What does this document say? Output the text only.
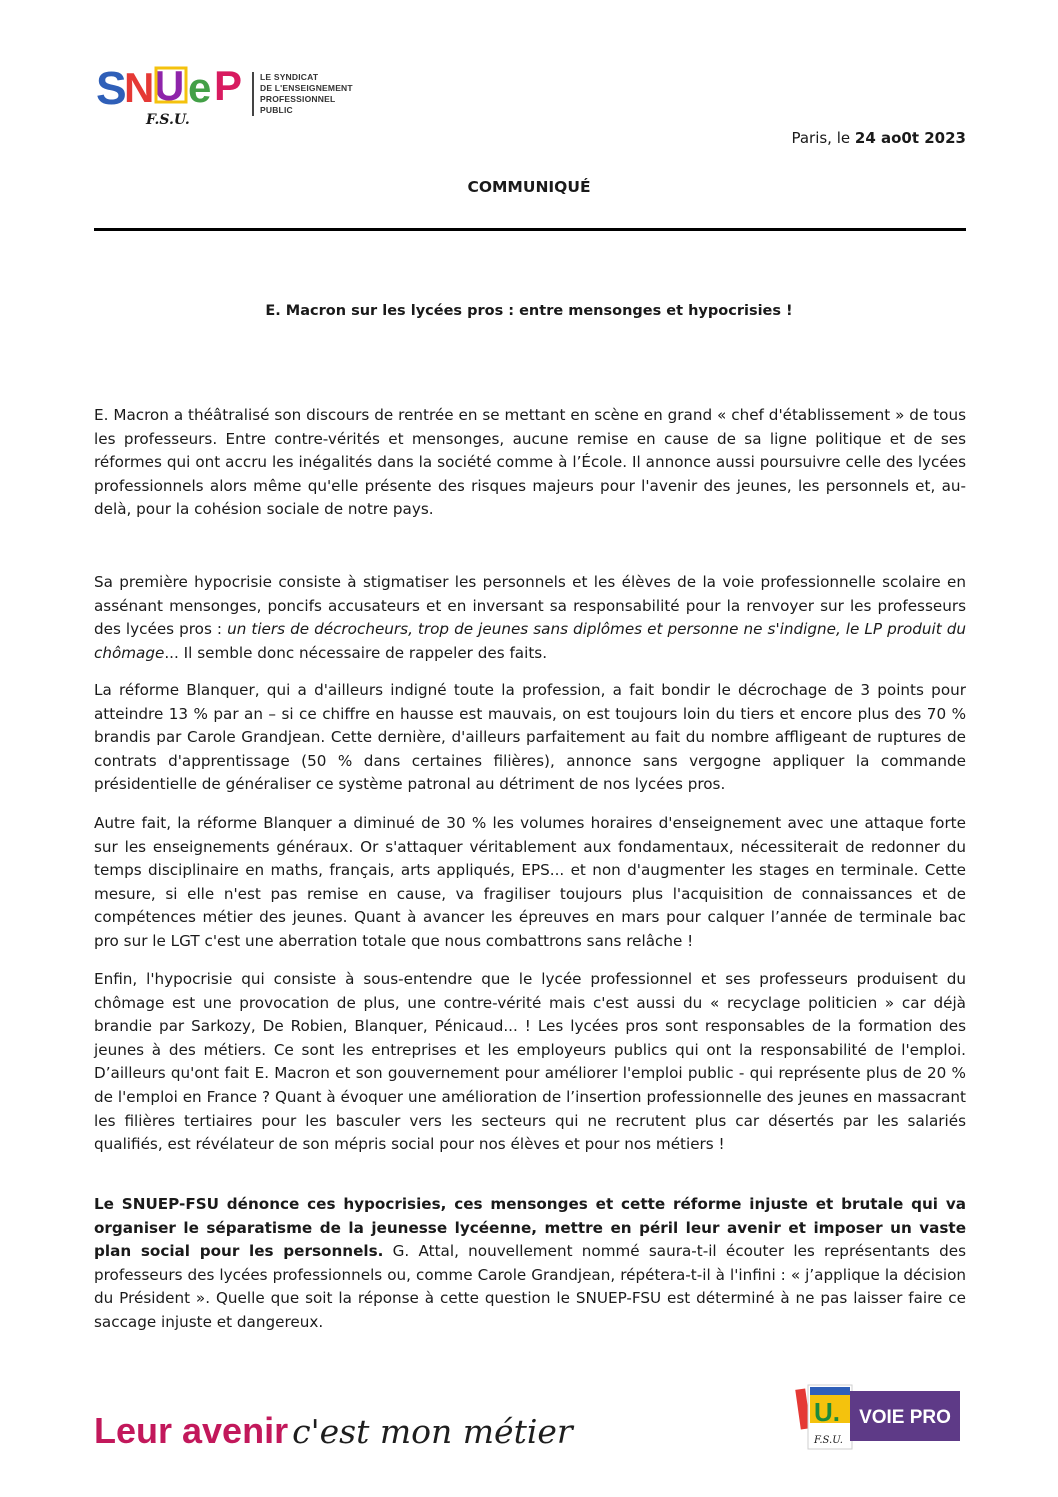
S
N U e P
F.S.U.
LE SYNDICAT
DE L'ENSEIGNEMENT
PROFESSIONNEL
PUBLIC
Paris, le 24 ao0t 2023
COMMUNIQUÉ
E. Macron sur les lycées pros : entre mensonges et hypocrisies !

E. Macron a théâtralisé son discours de rentrée en se mettant en scène en grand « chef d'établissement » de tous les professeurs. Entre contre-vérités et mensonges, aucune remise en cause de sa ligne politique et de ses réformes qui ont accru les inégalités dans la société comme à l’École. Il annonce aussi poursuivre celle des lycées professionnels alors même qu'elle présente des risques majeurs pour l'avenir des jeunes, les personnels et, au-delà, pour la cohésion sociale de notre pays.

Sa première hypocrisie consiste à stigmatiser les personnels et les élèves de la voie professionnelle scolaire en assénant mensonges, poncifs accusateurs et en inversant sa responsabilité pour la renvoyer sur les professeurs des lycées pros : un tiers de décrocheurs, trop de jeunes sans diplômes et personne ne s'indigne, le LP produit du chômage... Il semble donc nécessaire de rappeler des faits.

La réforme Blanquer, qui a d'ailleurs indigné toute la profession, a fait bondir le décrochage de 3 points pour atteindre 13 % par an – si ce chiffre en hausse est mauvais, on est toujours loin du tiers et encore plus des 70 % brandis par Carole Grandjean. Cette dernière, d'ailleurs parfaitement au fait du nombre affligeant de ruptures de contrats d'apprentissage (50 % dans certaines filières), annonce sans vergogne appliquer la commande présidentielle de généraliser ce système patronal au détriment de nos lycées pros.

Autre fait, la réforme Blanquer a diminué de 30 % les volumes horaires d'enseignement avec une attaque forte sur les enseignements généraux. Or s'attaquer véritablement aux fondamentaux, nécessiterait de redonner du temps disciplinaire en maths, français, arts appliqués, EPS... et non d'augmenter les stages en terminale. Cette mesure, si elle n'est pas remise en cause, va fragiliser toujours plus l'acquisition de connaissances et de compétences métier des jeunes. Quant à avancer les épreuves en mars pour calquer l’année de terminale bac pro sur le LGT c'est une aberration totale que nous combattrons sans relâche !

Enfin, l'hypocrisie qui consiste à sous-entendre que le lycée professionnel et ses professeurs produisent du chômage est une provocation de plus, une contre-vérité mais c'est aussi du « recyclage politicien » car déjà brandie par Sarkozy, De Robien, Blanquer, Pénicaud... ! Les lycées pros sont responsables de la formation des jeunes à des métiers. Ce sont les entreprises et les employeurs publics qui ont la responsabilité de l'emploi. D’ailleurs qu'ont fait E. Macron et son gouvernement pour améliorer l'emploi public - qui représente plus de 20 % de l'emploi en France ? Quant à évoquer une amélioration de l’insertion professionnelle des jeunes en massacrant les filières tertiaires pour les basculer vers les secteurs qui ne recrutent plus car désertés par les salariés qualifiés, est révélateur de son mépris social pour nos élèves et pour nos métiers !

Le SNUEP-FSU dénonce ces hypocrisies, ces mensonges et cette réforme injuste et brutale qui va organiser le séparatisme de la jeunesse lycéenne, mettre en péril leur avenir et imposer un vaste plan social pour les personnels. G. Attal, nouvellement nommé saura-t-il écouter les représentants des professeurs des lycées professionnels ou, comme Carole Grandjean, répétera-t-il à l'infini : « j’applique la décision du Président ». Quelle que soit la réponse à cette question le SNUEP-FSU est déterminé à ne pas laisser faire ce saccage injuste et dangereux.

Leur avenir c'est mon métier	U.
F.S.U.
VOIE PRO
